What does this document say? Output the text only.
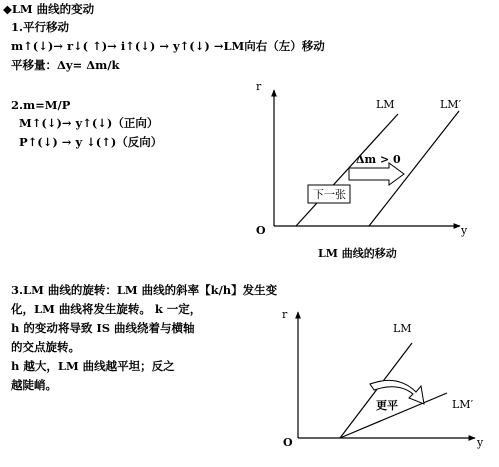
◆LM 曲线的变动
1.平行移动
m↑(↓)→ r↓( ↑)→ i↑(↓) → y↑(↓) →LM向右（左）移动
平移量：Δy= Δm/k
2.m=M/P
M↑(↓)→ y↑(↓)（正向）
P↑(↓) → y ↓(↑)（反向）
3.LM 曲线的旋转：LM 曲线的斜率【k/h】发生变
化，LM 曲线将发生旋转。 k 一定，
h 的变动将导致 IS 曲线绕着与横轴
的交点旋转。
h 越大，LM 曲线越平坦；反之
越陡峭。
r
y
O
LM	LM′
Δm > 0
下一张
LM 曲线的移动
r
y
O
LM
LM′
更平
